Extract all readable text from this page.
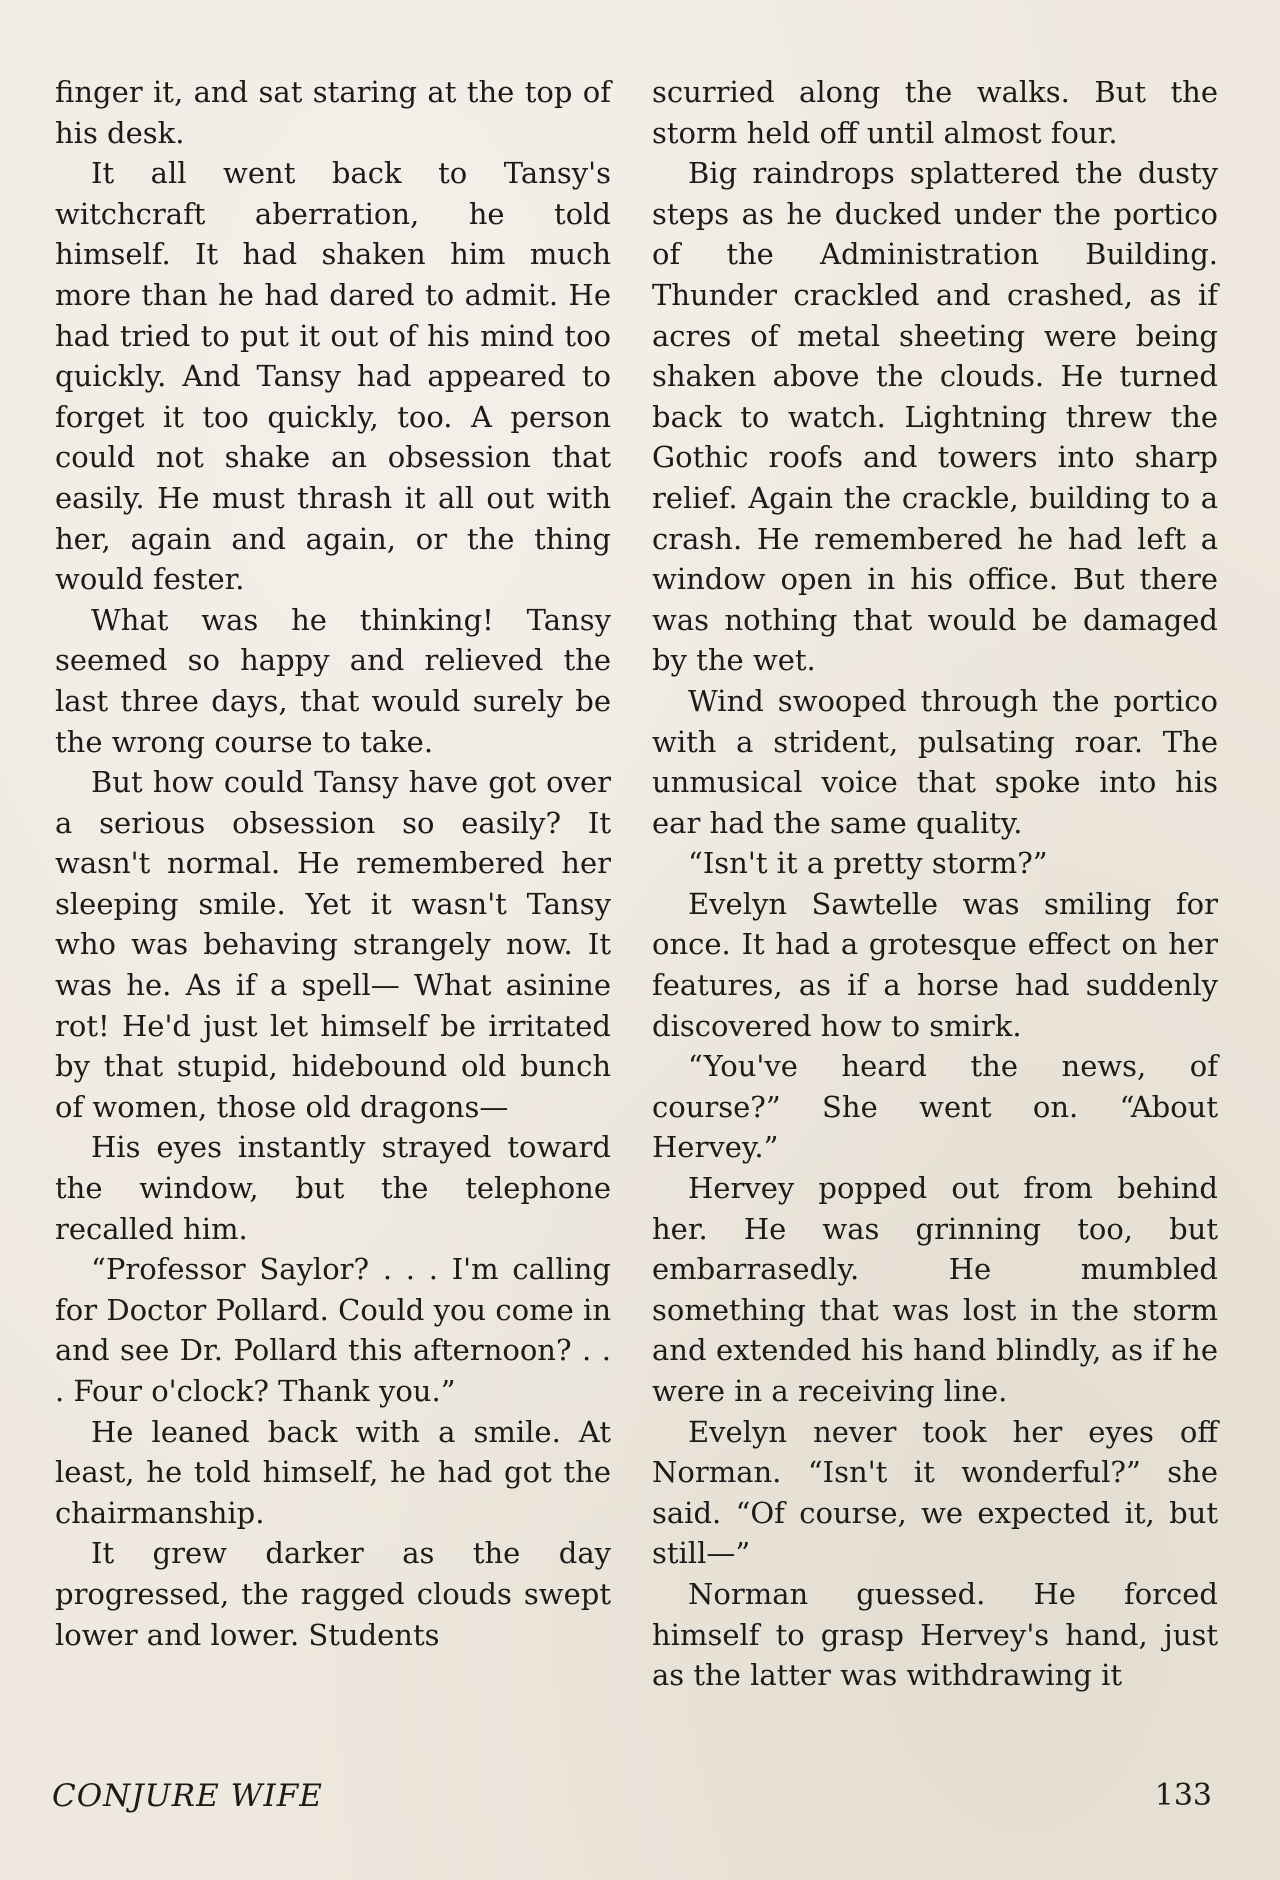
finger it, and sat staring at the top of his desk.

It all went back to Tansy's witchcraft aberration, he told himself. It had shaken him much more than he had dared to admit. He had tried to put it out of his mind too quickly. And Tansy had appeared to forget it too quickly, too. A person could not shake an obsession that easily. He must thrash it all out with her, again and again, or the thing would fester.

What was he thinking! Tansy seemed so happy and relieved the last three days, that would surely be the wrong course to take.

But how could Tansy have got over a serious obsession so easily? It wasn't normal. He remembered her sleeping smile. Yet it wasn't Tansy who was behaving strangely now. It was he. As if a spell— What asinine rot! He'd just let himself be irritated by that stupid, hidebound old bunch of women, those old dragons—

His eyes instantly strayed toward the window, but the telephone recalled him.

“Professor Saylor? . . . I'm calling for Doctor Pollard. Could you come in and see Dr. Pollard this afternoon? . . . Four o'clock? Thank you.”

He leaned back with a smile. At least, he told himself, he had got the chairmanship.

It grew darker as the day progressed, the ragged clouds swept lower and lower. Students

scurried along the walks. But the storm held off until almost four.

Big raindrops splattered the dusty steps as he ducked under the portico of the Administration Building. Thunder crackled and crashed, as if acres of metal sheeting were being shaken above the clouds. He turned back to watch. Lightning threw the Gothic roofs and towers into sharp relief. Again the crackle, building to a crash. He remembered he had left a window open in his office. But there was nothing that would be damaged by the wet.

Wind swooped through the portico with a strident, pulsating roar. The unmusical voice that spoke into his ear had the same quality.

“Isn't it a pretty storm?”

Evelyn Sawtelle was smiling for once. It had a grotesque effect on her features, as if a horse had suddenly discovered how to smirk.

“You've heard the news, of course?” She went on. “About Hervey.”

Hervey popped out from behind her. He was grinning too, but embarrasedly. He mumbled something that was lost in the storm and extended his hand blindly, as if he were in a receiving line.

Evelyn never took her eyes off Norman. “Isn't it wonderful?” she said. “Of course, we expected it, but still—”

Norman guessed. He forced himself to grasp Hervey's hand, just as the latter was withdrawing it

CONJURE WIFE	133
